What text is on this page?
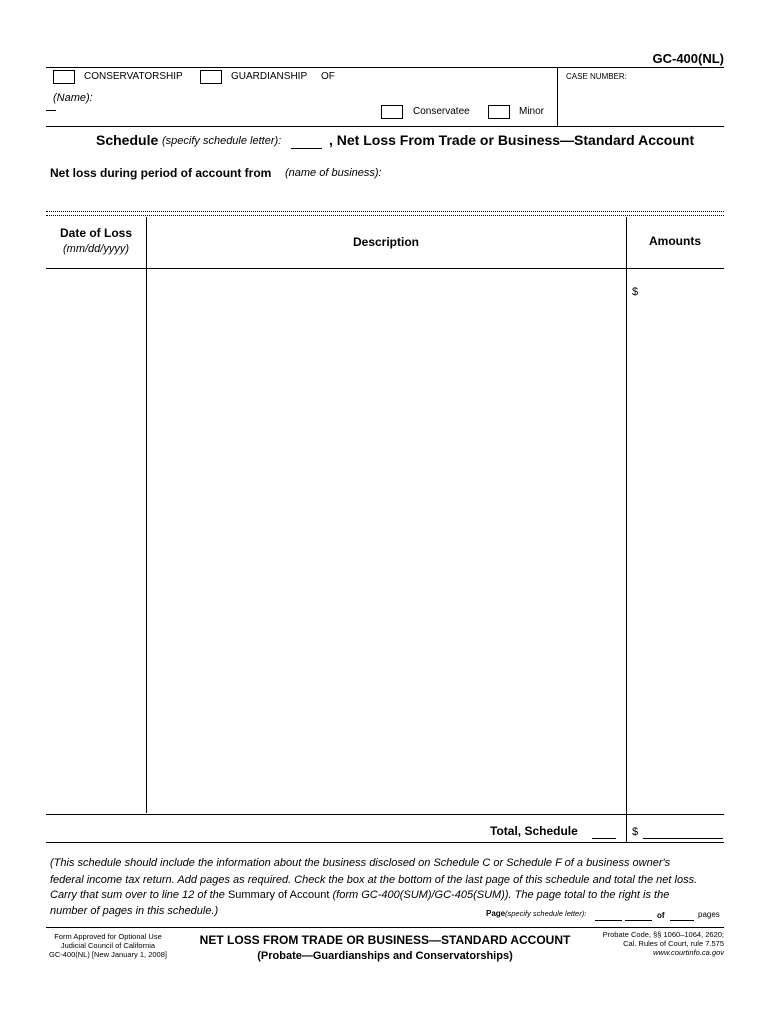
GC-400(NL)
CONSERVATORSHIP	GUARDIANSHIP OF	CASE NUMBER:
(Name):
Conservatee	Minor
Schedule (specify schedule letter):	, Net Loss From Trade or Business—Standard Account
Net loss during period of account from (name of business):
Date of Loss
(mm/dd/yyyy)	Description	Amounts
$
Total, Schedule	$
(This schedule should include the information about the business disclosed on Schedule C or Schedule F of a business owner's
federal income tax return. Add pages as required. Check the box at the bottom of the last page of this schedule and total the net loss.
Carry that sum over to line 12 of the Summary of Account (form GC-400(SUM)/GC-405(SUM)). The page total to the right is the
number of pages in this schedule.)	Page (specify schedule letter):	of	pages
Form Approved for Optional Use
Judicial Council of California
GC-400(NL) [New January 1, 2008]
NET LOSS FROM TRADE OR BUSINESS—STANDARD ACCOUNT
(Probate—Guardianships and Conservatorships)
Probate Code, §§ 1060–1064, 2620;
Cal. Rules of Court, rule 7.575
www.courtinfo.ca.gov
